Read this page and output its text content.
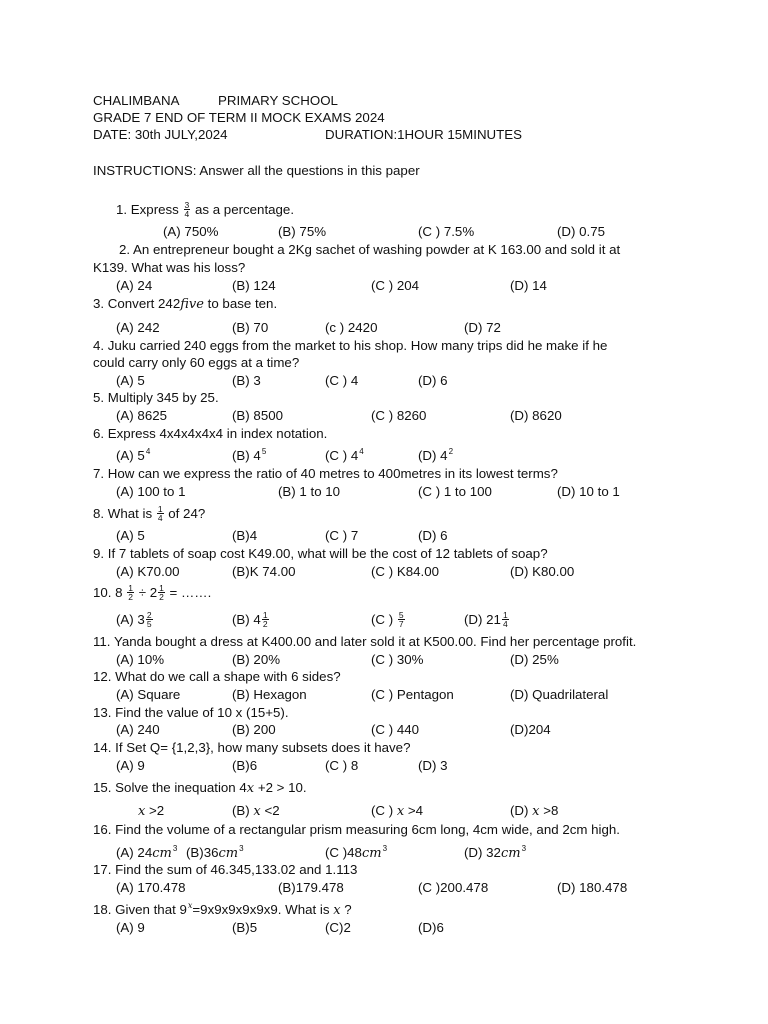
CHALIMBANA	PRIMARY SCHOOL
GRADE 7 END OF TERM II MOCK EXAMS 2024
DATE: 30th JULY,2024	DURATION:1HOUR 15MINUTES
INSTRUCTIONS: Answer all the questions in this paper
1. Express $\frac{3}{4}$ as a percentage.
(A) 750%	(B) 75%	(C ) 7.5%	(D) 0.75
2. An entrepreneur bought a 2Kg sachet of washing powder at K 163.00 and sold it at
K139. What was his loss?
(A) 24	(B) 124	(C ) 204	(D) 14
3. Convert 242five to base ten.
(A) 242	(B) 70	(c ) 2420	(D) 72
4. Juku carried 240 eggs from the market to his shop. How many trips did he make if he
could carry only 60 eggs at a time?
(A) 5	(B) 3	(C ) 4	(D) 6
5. Multiply 345 by 25.
(A) 8625	(B) 8500	(C ) 8260	(D) 8620
6. Express 4x4x4x4x4 in index notation.
(A) $5^4$	(B) $4^5$	(C ) $4^4$	(D) $4^2$
7. How can we express the ratio of 40 metres to 400metres in its lowest terms?
(A) 100 to 1	(B) 1 to 10	(C ) 1 to 100	(D) 10 to 1
8. What is $\frac{1}{4}$ of 24?
(A) 5	(B)4	(C ) 7	(D) 6
9. If 7 tablets of soap cost K49.00, what will be the cost of 12 tablets of soap?
(A) K70.00	(B)K 74.00	(C ) K84.00	(D) K80.00
10. $8 \frac{1}{2} \div 2 \frac{1}{2}$ = …….
(A) $3 \frac{2}{5}$	(B) $4 \frac{1}{2}$	(C ) $\frac{5}{7}$	(D) $21 \frac{1}{4}$
11. Yanda bought a dress at K400.00 and later sold it at K500.00. Find her percentage profit.
(A) 10%	(B) 20%	(C ) 30%	(D) 25%
12. What do we call a shape with 6 sides?
(A) Square	(B) Hexagon	(C ) Pentagon	(D) Quadrilateral
13. Find the value of 10 x (15+5).
(A) 240	(B) 200	(C ) 440	(D)204
14. If Set Q= {1,2,3}, how many subsets does it have?
(A) 9	(B)6	(C ) 8	(D) 3
15. Solve the inequation 4x +2 > 10.
x >2	(B) x <2	(C ) x >4	(D) x >8
16. Find the volume of a rectangular prism measuring 6cm long, 4cm wide, and 2cm high.
(A) $24cm^3$ $(B)36cm^3$	(C )$48cm^3$	(D) $32cm^3$
17. Find the sum of 46.345,133.02 and 1.113
(A) 170.478	(B)179.478	(C )200.478	(D) 180.478
18. Given that $9^x=9x9x9x9x9x9$. What is x ?
(A) 9	(B)5	(C)2	(D)6
